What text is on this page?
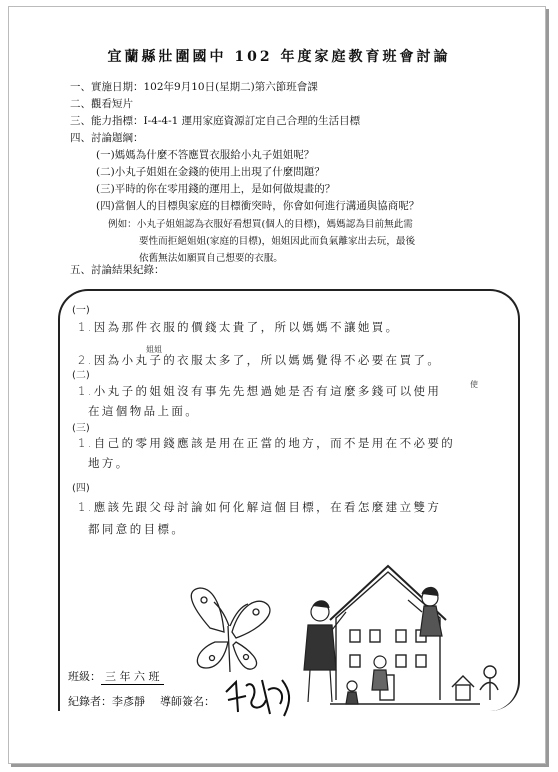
宜蘭縣壯圍國中 102 年度家庭教育班會討論
一、實施日期：102年9月10日(星期二)第六節班會課
二、觀看短片
三、能力指標：I-4-4-1 運用家庭資源訂定自己合理的生活目標
四、討論題綱：
(一)媽媽為什麼不答應買衣服給小丸子姐姐呢？
(二)小丸子姐姐在金錢的使用上出現了什麼問題？
(三)平時的你在零用錢的運用上，是如何做規畫的？
(四)當個人的目標與家庭的目標衝突時，你會如何進行溝通與協商呢？
例如：小丸子姐姐認為衣服好看想買(個人的目標)，媽媽認為目前無此需
要性而拒絕姐姐(家庭的目標)，姐姐因此而負氣離家出去玩，最後
依舊無法如願買自己想要的衣服。
五、討論結果紀錄：
(一)
1.因為那件衣服的價錢太貴了，所以媽媽不讓她買。
姐姐
2.因為小丸子的衣服太多了，所以媽媽覺得不必要在買了。
(二)
使
1.小丸子的姐姐沒有事先先想過她是否有這麼多錢可以使用
在這個物品上面。
(三)
1.自己的零用錢應該是用在正當的地方，而不是用在不必要的
地方。
(四)
1.應該先跟父母討論如何化解這個目標，在看怎麼建立雙方
都同意的目標。
班級： 三 年 六 班
紀錄者：李彥靜 導師簽名：
